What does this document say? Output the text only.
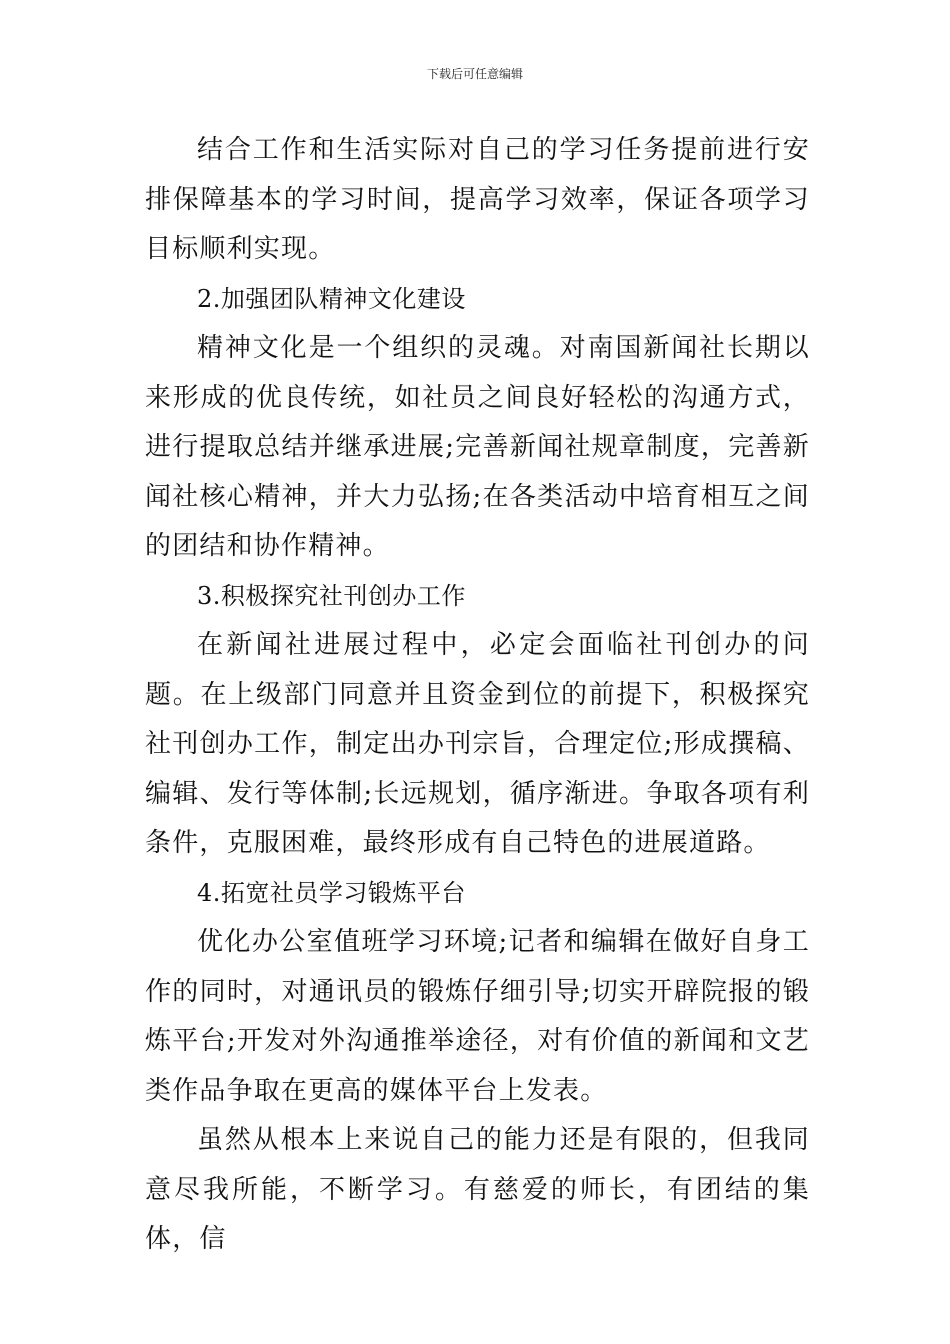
下载后可任意编辑

结合工作和生活实际对自己的学习任务提前进行安排保障基本的学习时间，提高学习效率，保证各项学习目标顺利实现。

2.加强团队精神文化建设

精神文化是一个组织的灵魂。对南国新闻社长期以来形成的优良传统，如社员之间良好轻松的沟通方式，进行提取总结并继承进展;完善新闻社规章制度，完善新闻社核心精神，并大力弘扬;在各类活动中培育相互之间的团结和协作精神。

3.积极探究社刊创办工作

在新闻社进展过程中，必定会面临社刊创办的问题。在上级部门同意并且资金到位的前提下，积极探究社刊创办工作，制定出办刊宗旨，合理定位;形成撰稿、编辑、发行等体制;长远规划，循序渐进。争取各项有利条件，克服困难，最终形成有自己特色的进展道路。

4.拓宽社员学习锻炼平台

优化办公室值班学习环境;记者和编辑在做好自身工作的同时，对通讯员的锻炼仔细引导;切实开辟院报的锻炼平台;开发对外沟通推举途径，对有价值的新闻和文艺类作品争取在更高的媒体平台上发表。

虽然从根本上来说自己的能力还是有限的，但我同意尽我所能，不断学习。有慈爱的师长，有团结的集体，信
